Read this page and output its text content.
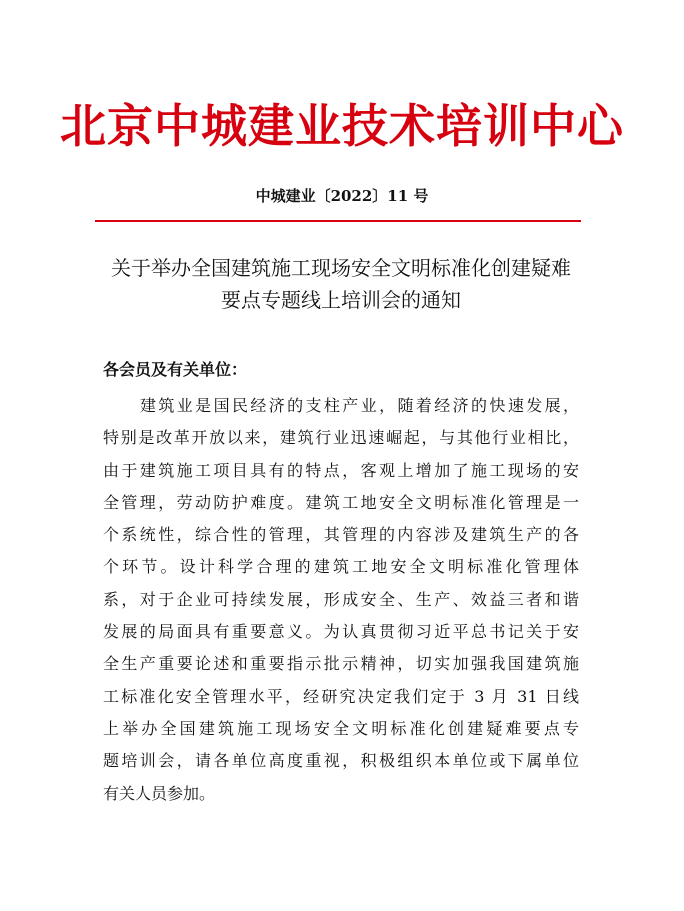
北京中城建业技术培训中心
中城建业〔2022〕11 号
关于举办全国建筑施工现场安全文明标准化创建疑难
要点专题线上培训会的通知
各会员及有关单位：
建筑业是国民经济的支柱产业，随着经济的快速发展，
特别是改革开放以来，建筑行业迅速崛起，与其他行业相比，
由于建筑施工项目具有的特点，客观上增加了施工现场的安
全管理，劳动防护难度。建筑工地安全文明标准化管理是一
个系统性，综合性的管理，其管理的内容涉及建筑生产的各
个环节。设计科学合理的建筑工地安全文明标准化管理体
系，对于企业可持续发展，形成安全、生产、效益三者和谐
发展的局面具有重要意义。为认真贯彻习近平总书记关于安
全生产重要论述和重要指示批示精神，切实加强我国建筑施
工标准化安全管理水平，经研究决定我们定于 3 月 31 日线
上举办全国建筑施工现场安全文明标准化创建疑难要点专
题培训会，请各单位高度重视，积极组织本单位或下属单位
有关人员参加。
